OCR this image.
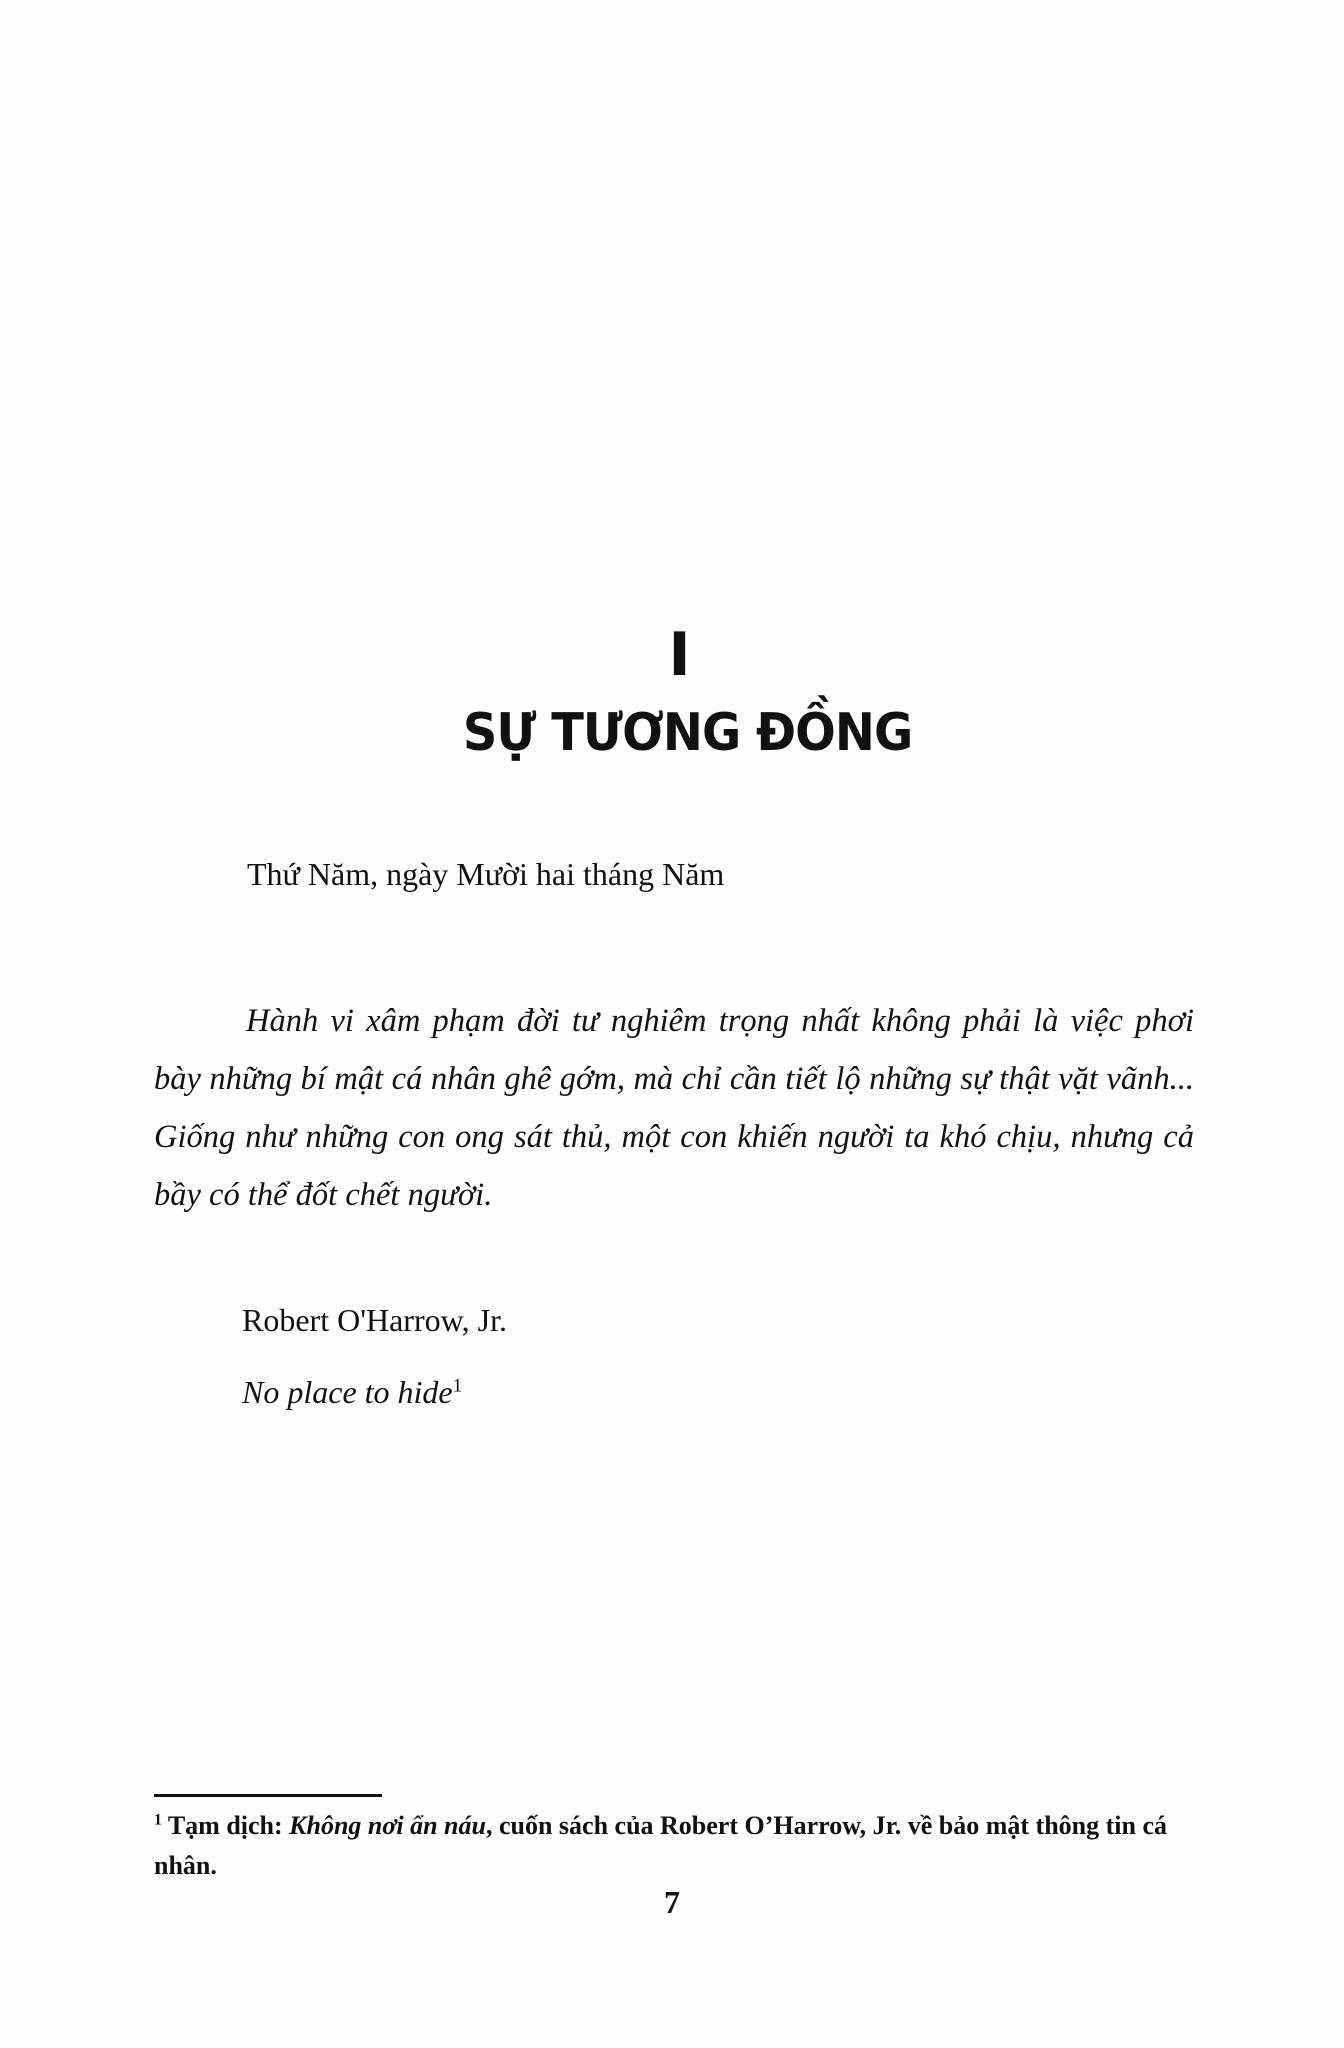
I
SỰ TƯƠNG ĐỒNG
Thứ Năm, ngày Mười hai tháng Năm

Hành vi xâm phạm đời tư nghiêm trọng nhất không phải là việc phơi bày những bí mật cá nhân ghê gớm, mà chỉ cần tiết lộ những sự thật vặt vãnh... Giống như những con ong sát thủ, một con khiến người ta khó chịu, nhưng cả bầy có thể đốt chết người.

Robert O'Harrow, Jr.
No place to hide$^1$

$^1$ Tạm dịch: Không nơi ẩn náu, cuốn sách của Robert O’Harrow, Jr. về bảo mật thông tin cá nhân.

7
